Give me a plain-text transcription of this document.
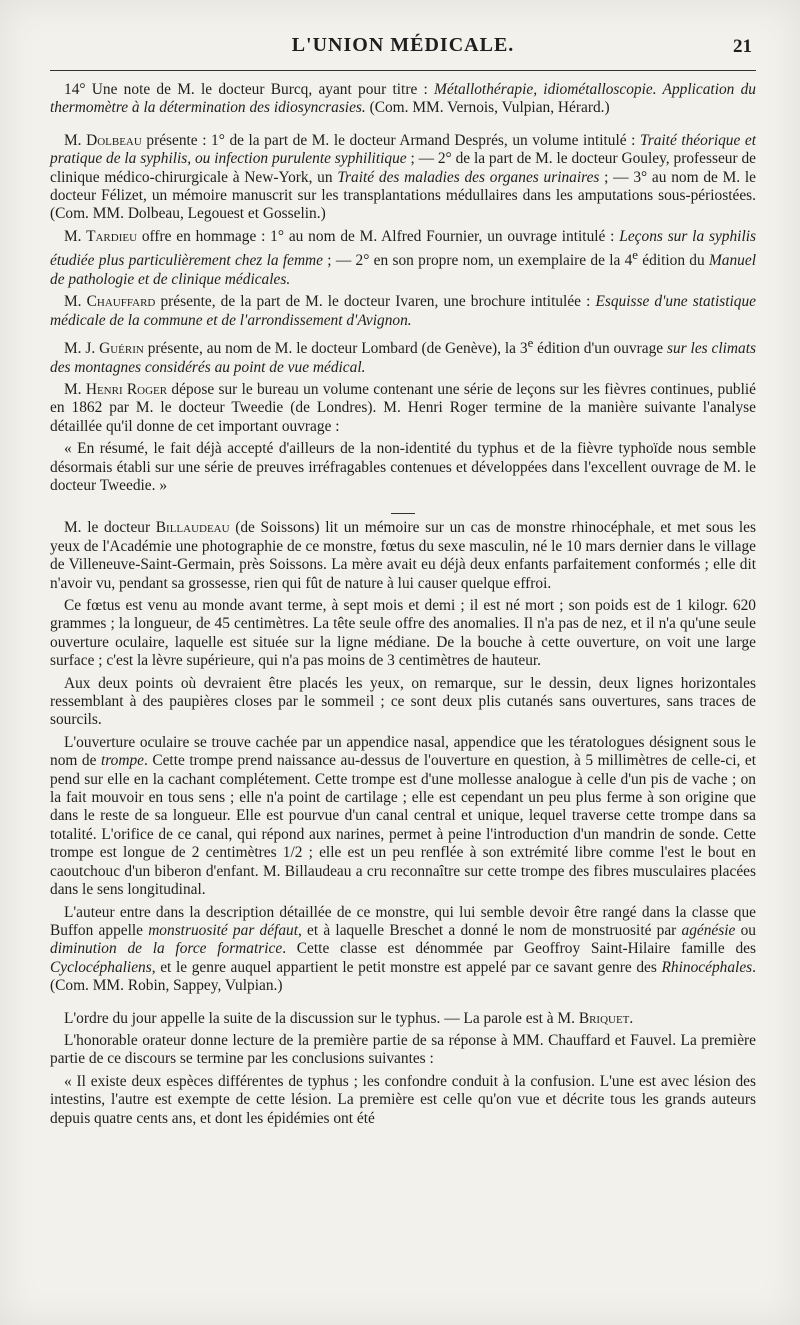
L'UNION MÉDICALE.	21

14° Une note de M. le docteur Burcq, ayant pour titre : Métallothérapie, idiométalloscopie. Application du thermomètre à la détermination des idiosyncrasies. (Com. MM. Vernois, Vulpian, Hérard.)

M. Dolbeau présente : 1° de la part de M. le docteur Armand Després, un volume intitulé : Traité théorique et pratique de la syphilis, ou infection purulente syphilitique ; — 2° de la part de M. le docteur Gouley, professeur de clinique médico-chirurgicale à New-York, un Traité des maladies des organes urinaires ; — 3° au nom de M. le docteur Félizet, un mémoire manuscrit sur les transplantations médullaires dans les amputations sous-périostées. (Com. MM. Dolbeau, Legouest et Gosselin.)

M. Tardieu offre en hommage : 1° au nom de M. Alfred Fournier, un ouvrage intitulé : Leçons sur la syphilis étudiée plus particulièrement chez la femme ; — 2° en son propre nom, un exemplaire de la 4e édition du Manuel de pathologie et de clinique médicales.

M. Chauffard présente, de la part de M. le docteur Ivaren, une brochure intitulée : Esquisse d'une statistique médicale de la commune et de l'arrondissement d'Avignon.

M. J. Guérin présente, au nom de M. le docteur Lombard (de Genève), la 3e édition d'un ouvrage sur les climats des montagnes considérés au point de vue médical.

M. Henri Roger dépose sur le bureau un volume contenant une série de leçons sur les fièvres continues, publié en 1862 par M. le docteur Tweedie (de Londres). M. Henri Roger termine de la manière suivante l'analyse détaillée qu'il donne de cet important ouvrage :

« En résumé, le fait déjà accepté d'ailleurs de la non-identité du typhus et de la fièvre typhoïde nous semble désormais établi sur une série de preuves irréfragables contenues et développées dans l'excellent ouvrage de M. le docteur Tweedie. »

M. le docteur Billaudeau (de Soissons) lit un mémoire sur un cas de monstre rhinocéphale, et met sous les yeux de l'Académie une photographie de ce monstre, fœtus du sexe masculin, né le 10 mars dernier dans le village de Villeneuve-Saint-Germain, près Soissons. La mère avait eu déjà deux enfants parfaitement conformés ; elle dit n'avoir vu, pendant sa grossesse, rien qui fût de nature à lui causer quelque effroi.

Ce fœtus est venu au monde avant terme, à sept mois et demi ; il est né mort ; son poids est de 1 kilogr. 620 grammes ; la longueur, de 45 centimètres. La tête seule offre des anomalies. Il n'a pas de nez, et il n'a qu'une seule ouverture oculaire, laquelle est située sur la ligne médiane. De la bouche à cette ouverture, on voit une large surface ; c'est la lèvre supérieure, qui n'a pas moins de 3 centimètres de hauteur.

Aux deux points où devraient être placés les yeux, on remarque, sur le dessin, deux lignes horizontales ressemblant à des paupières closes par le sommeil ; ce sont deux plis cutanés sans ouvertures, sans traces de sourcils.

L'ouverture oculaire se trouve cachée par un appendice nasal, appendice que les tératologues désignent sous le nom de trompe. Cette trompe prend naissance au-dessus de l'ouverture en question, à 5 millimètres de celle-ci, et pend sur elle en la cachant complétement. Cette trompe est d'une mollesse analogue à celle d'un pis de vache ; on la fait mouvoir en tous sens ; elle n'a point de cartilage ; elle est cependant un peu plus ferme à son origine que dans le reste de sa longueur. Elle est pourvue d'un canal central et unique, lequel traverse cette trompe dans sa totalité. L'orifice de ce canal, qui répond aux narines, permet à peine l'introduction d'un mandrin de sonde. Cette trompe est longue de 2 centimètres 1/2 ; elle est un peu renflée à son extrémité libre comme l'est le bout en caoutchouc d'un biberon d'enfant. M. Billaudeau a cru reconnaître sur cette trompe des fibres musculaires placées dans le sens longitudinal.

L'auteur entre dans la description détaillée de ce monstre, qui lui semble devoir être rangé dans la classe que Buffon appelle monstruosité par défaut, et à laquelle Breschet a donné le nom de monstruosité par agénésie ou diminution de la force formatrice. Cette classe est dénommée par Geoffroy Saint-Hilaire famille des Cyclocéphaliens, et le genre auquel appartient le petit monstre est appelé par ce savant genre des Rhinocéphales. (Com. MM. Robin, Sappey, Vulpian.)

L'ordre du jour appelle la suite de la discussion sur le typhus. — La parole est à M. Briquet.

L'honorable orateur donne lecture de la première partie de sa réponse à MM. Chauffard et Fauvel. La première partie de ce discours se termine par les conclusions suivantes :

« Il existe deux espèces différentes de typhus ; les confondre conduit à la confusion. L'une est avec lésion des intestins, l'autre est exempte de cette lésion. La première est celle qu'on vue et décrite tous les grands auteurs depuis quatre cents ans, et dont les épidémies ont été
